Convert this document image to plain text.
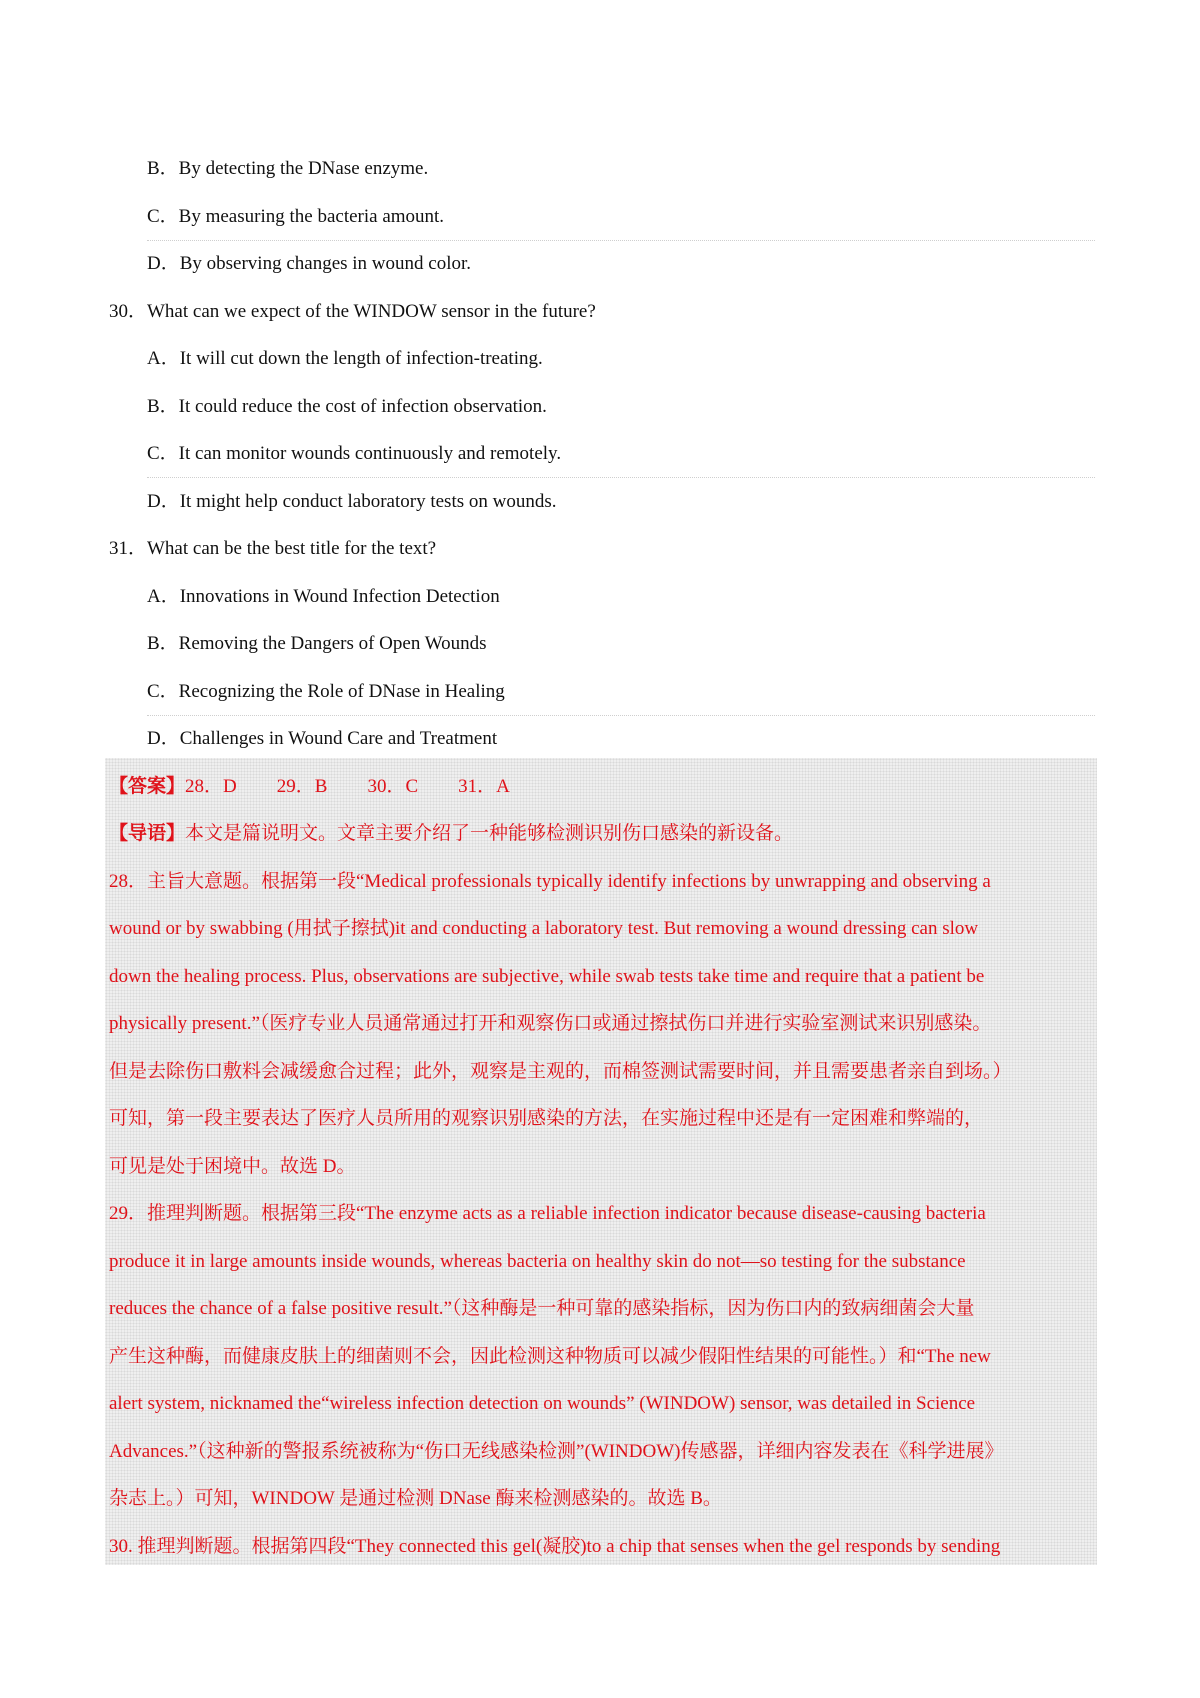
B．By detecting the DNase enzyme.
C．By measuring the bacteria amount.
D．By observing changes in wound color.
30．What can we expect of the WINDOW sensor in the future?
A．It will cut down the length of infection-treating.
B．It could reduce the cost of infection observation.
C．It can monitor wounds continuously and remotely.
D．It might help conduct laboratory tests on wounds.
31．What can be the best title for the text?
A．Innovations in Wound Infection Detection
B．Removing the Dangers of Open Wounds
C．Recognizing the Role of DNase in Healing
D．Challenges in Wound Care and Treatment
【答案】28．D 29．B 30．C 31．A
【导语】本文是篇说明文。文章主要介绍了一种能够检测识别伤口感染的新设备。
28．主旨大意题。根据第一段“Medical professionals typically identify infections by unwrapping and observing a
wound or by swabbing (用拭子擦拭)it and conducting a laboratory test. But removing a wound dressing can slow
down the healing process. Plus, observations are subjective, while swab tests take time and require that a patient be
physically present.”（医疗专业人员通常通过打开和观察伤口或通过擦拭伤口并进行实验室测试来识别感染。
但是去除伤口敷料会减缓愈合过程；此外，观察是主观的，而棉签测试需要时间，并且需要患者亲自到场。）
可知，第一段主要表达了医疗人员所用的观察识别感染的方法，在实施过程中还是有一定困难和弊端的，
可见是处于困境中。故选 D。
29．推理判断题。根据第三段“The enzyme acts as a reliable infection indicator because disease-causing bacteria
produce it in large amounts inside wounds, whereas bacteria on healthy skin do not—so testing for the substance
reduces the chance of a false positive result.”（这种酶是一种可靠的感染指标，因为伤口内的致病细菌会大量
产生这种酶，而健康皮肤上的细菌则不会，因此检测这种物质可以减少假阳性结果的可能性。）和“The new
alert system, nicknamed the“wireless infection detection on wounds” (WINDOW) sensor, was detailed in Science
Advances.”（这种新的警报系统被称为“伤口无线感染检测”(WINDOW)传感器，详细内容发表在《科学进展》
杂志上。）可知，WINDOW 是通过检测 DNase 酶来检测感染的。故选 B。
30. 推理判断题。根据第四段“They connected this gel(凝胶)to a chip that senses when the gel responds by sending
